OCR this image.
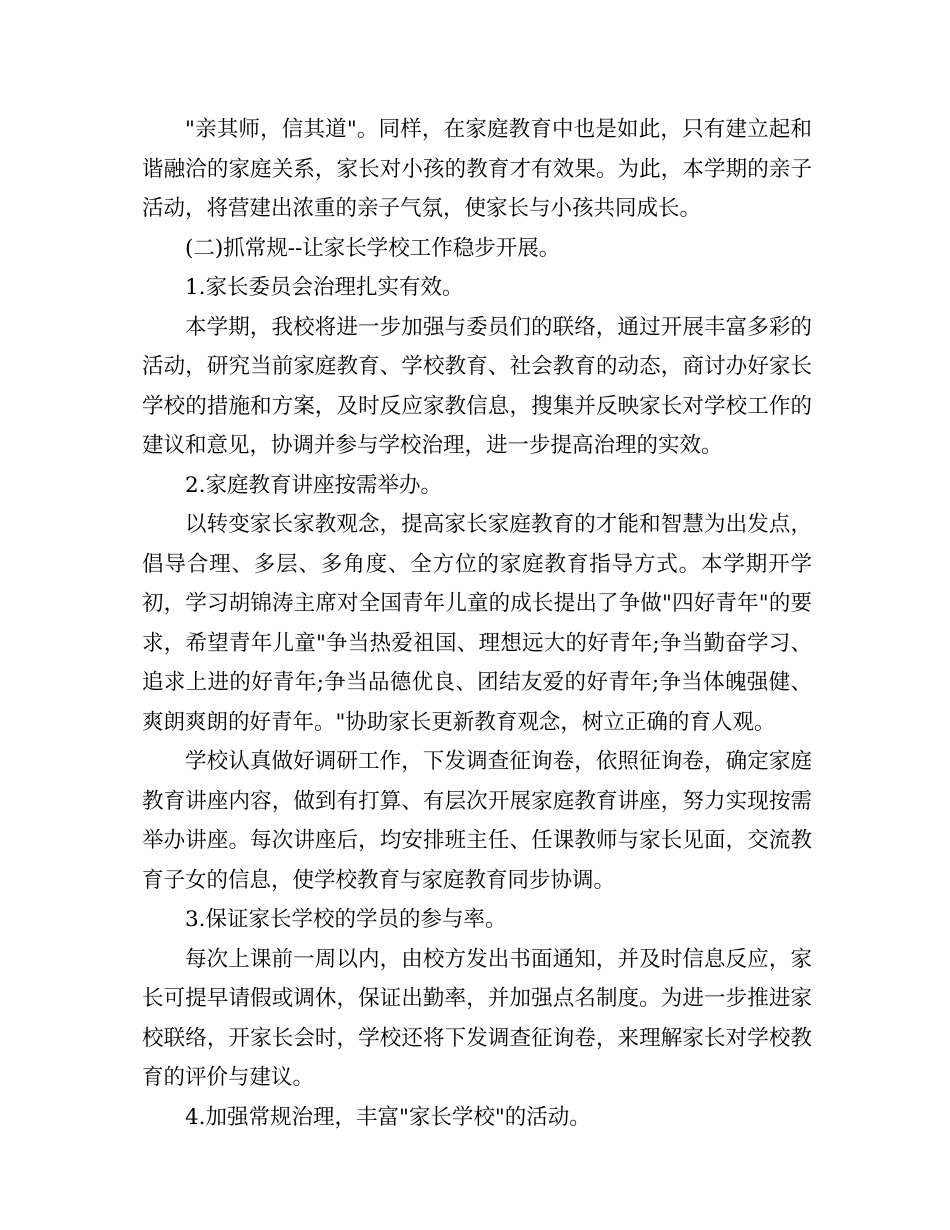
"亲其师，信其道"。同样，在家庭教育中也是如此，只有建立起和谐融洽的家庭关系，家长对小孩的教育才有效果。为此，本学期的亲子活动，将营建出浓重的亲子气氛，使家长与小孩共同成长。

(二)抓常规--让家长学校工作稳步开展。

1.家长委员会治理扎实有效。

本学期，我校将进一步加强与委员们的联络，通过开展丰富多彩的活动，研究当前家庭教育、学校教育、社会教育的动态，商讨办好家长学校的措施和方案，及时反应家教信息，搜集并反映家长对学校工作的建议和意见，协调并参与学校治理，进一步提高治理的实效。

2.家庭教育讲座按需举办。

以转变家长家教观念，提高家长家庭教育的才能和智慧为出发点，倡导合理、多层、多角度、全方位的家庭教育指导方式。本学期开学初，学习胡锦涛主席对全国青年儿童的成长提出了争做"四好青年"的要求，希望青年儿童"争当热爱祖国、理想远大的好青年;争当勤奋学习、追求上进的好青年;争当品德优良、团结友爱的好青年;争当体魄强健、爽朗爽朗的好青年。"协助家长更新教育观念，树立正确的育人观。

学校认真做好调研工作，下发调查征询卷，依照征询卷，确定家庭教育讲座内容，做到有打算、有层次开展家庭教育讲座，努力实现按需举办讲座。每次讲座后，均安排班主任、任课教师与家长见面，交流教育子女的信息，使学校教育与家庭教育同步协调。

3.保证家长学校的学员的参与率。

每次上课前一周以内，由校方发出书面通知，并及时信息反应，家长可提早请假或调休，保证出勤率，并加强点名制度。为进一步推进家校联络，开家长会时，学校还将下发调查征询卷，来理解家长对学校教育的评价与建议。

4.加强常规治理，丰富"家长学校"的活动。
